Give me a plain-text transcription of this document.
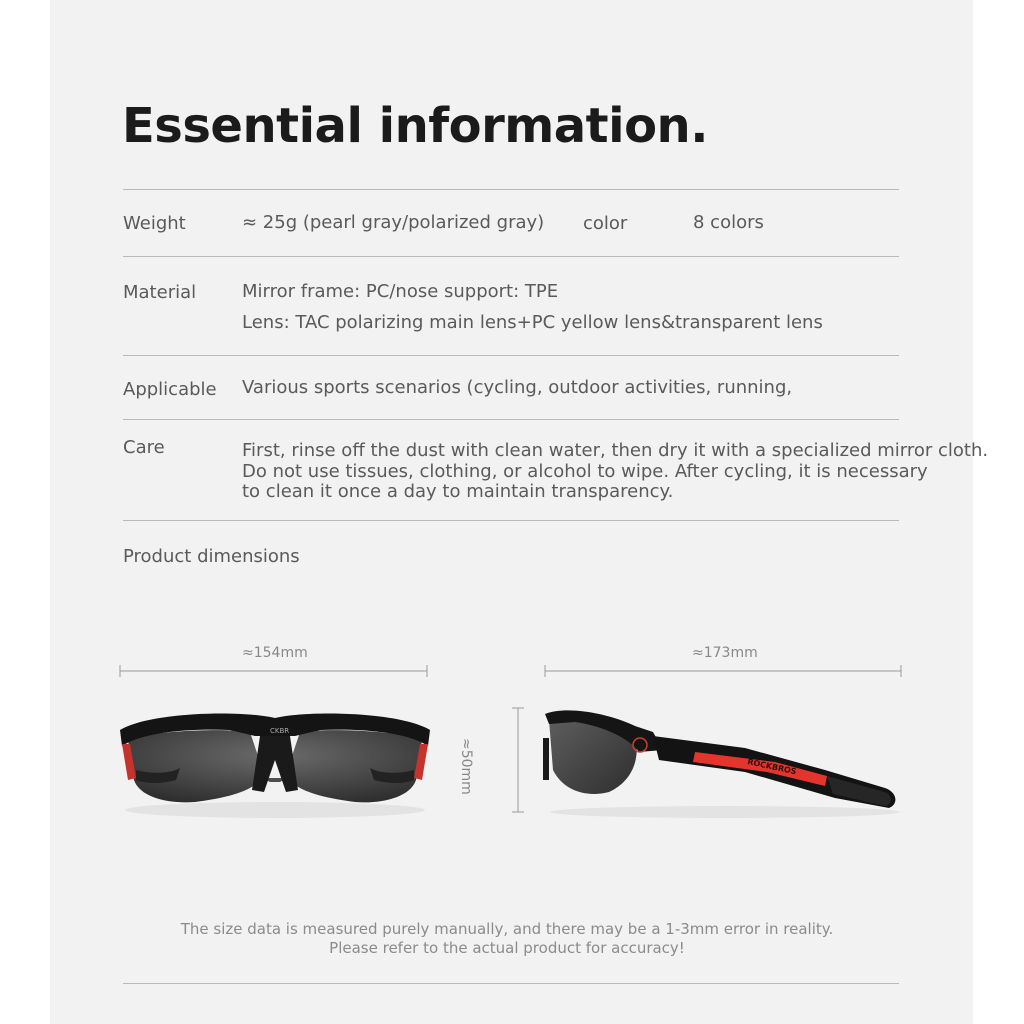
Essential information.
Weight	≈ 25g (pearl gray/polarized gray) color	8 colors
Material	Mirror frame: PC/nose support: TPE
Lens: TAC polarizing main lens+PC yellow lens&transparent lens
Applicable Various sports scenarios (cycling, outdoor activities, running,
Care	First, rinse off the dust with clean water, then dry it with a specialized mirror cloth.
Do not use tissues, clothing, or alcohol to wipe. After cycling, it is necessary
to clean it once a day to maintain transparency.
Product dimensions
≈154mm	≈173mm
≈50mm
CKBR
ROCKBROS
The size data is measured purely manually, and there may be a 1-3mm error in reality.
Please refer to the actual product for accuracy!
